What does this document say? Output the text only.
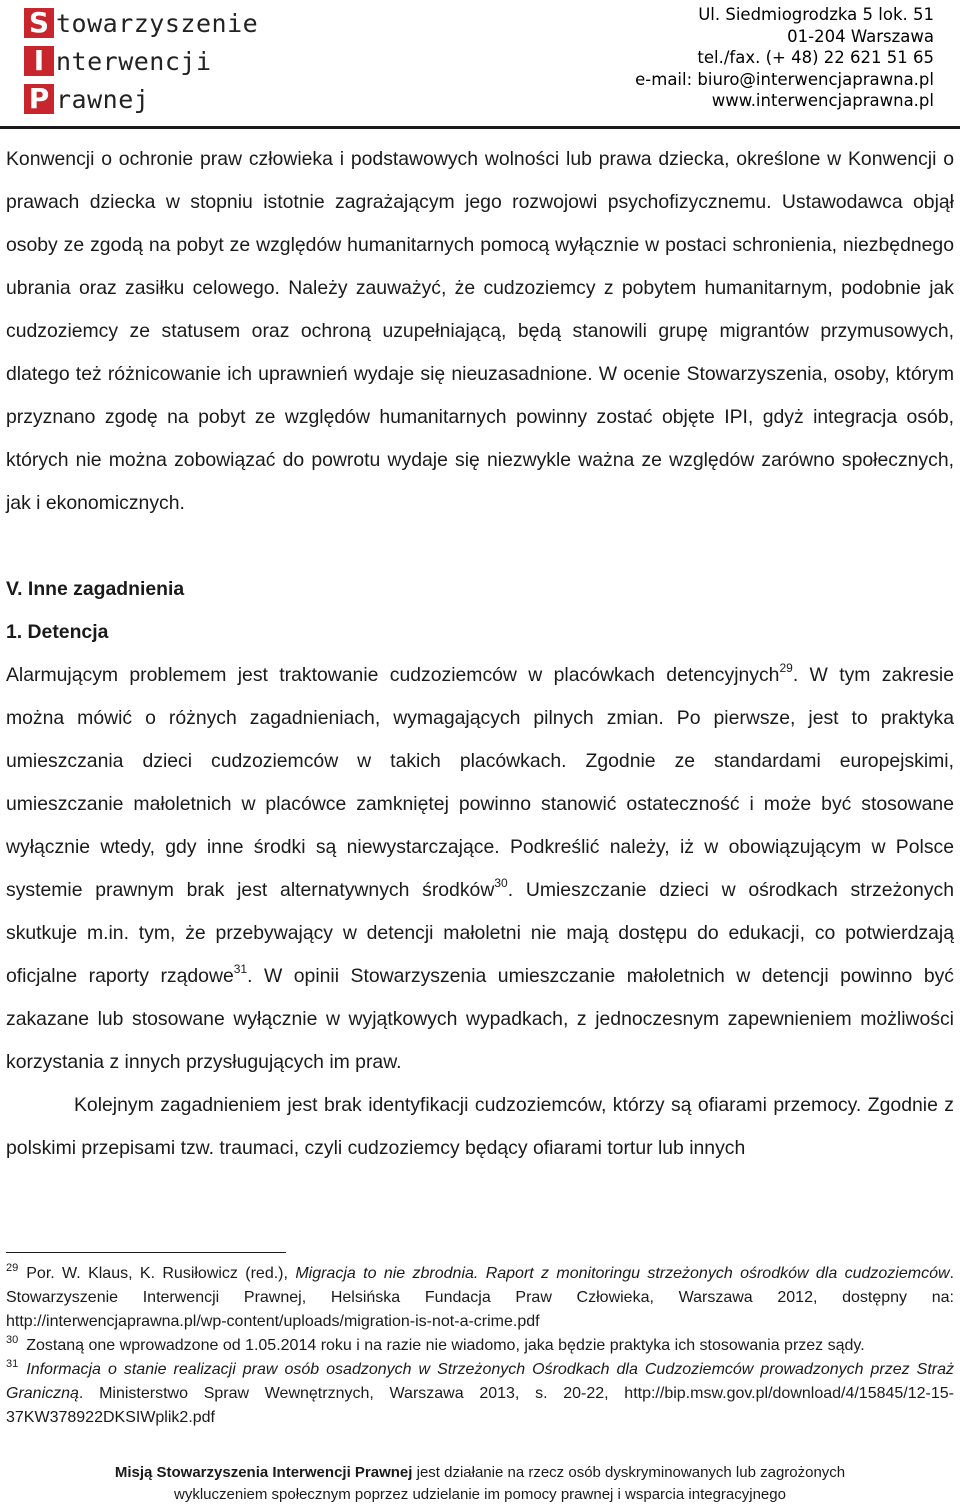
S towarzyszenie
I nterwencji
P rawnej
Ul. Siedmiogrodzka 5 lok. 51
01-204 Warszawa
tel./fax. (+ 48) 22 621 51 65
e-mail: biuro@interwencjaprawna.pl
www.interwencjaprawna.pl

Konwencji o ochronie praw człowieka i podstawowych wolności lub prawa dziecka, określone w Konwencji o prawach dziecka w stopniu istotnie zagrażającym jego rozwojowi psychofizycznemu. Ustawodawca objął osoby ze zgodą na pobyt ze względów humanitarnych pomocą wyłącznie w postaci schronienia, niezbędnego ubrania oraz zasiłku celowego. Należy zauważyć, że cudzoziemcy z pobytem humanitarnym, podobnie jak cudzoziemcy ze statusem oraz ochroną uzupełniającą, będą stanowili grupę migrantów przymusowych, dlatego też różnicowanie ich uprawnień wydaje się nieuzasadnione. W ocenie Stowarzyszenia, osoby, którym przyznano zgodę na pobyt ze względów humanitarnych powinny zostać objęte IPI, gdyż integracja osób, których nie można zobowiązać do powrotu wydaje się niezwykle ważna ze względów zarówno społecznych, jak i ekonomicznych.

V. Inne zagadnienia

1. Detencja

Alarmującym problemem jest traktowanie cudzoziemców w placówkach detencyjnych$^{29}$. W tym zakresie można mówić o różnych zagadnieniach, wymagających pilnych zmian. Po pierwsze, jest to praktyka umieszczania dzieci cudzoziemców w takich placówkach. Zgodnie ze standardami europejskimi, umieszczanie małoletnich w placówce zamkniętej powinno stanowić ostateczność i może być stosowane wyłącznie wtedy, gdy inne środki są niewystarczające. Podkreślić należy, iż w obowiązującym w Polsce systemie prawnym brak jest alternatywnych środków$^{30}$. Umieszczanie dzieci w ośrodkach strzeżonych skutkuje m.in. tym, że przebywający w detencji małoletni nie mają dostępu do edukacji, co potwierdzają oficjalne raporty rządowe$^{31}$. W opinii Stowarzyszenia umieszczanie małoletnich w detencji powinno być zakazane lub stosowane wyłącznie w wyjątkowych wypadkach, z jednoczesnym zapewnieniem możliwości korzystania z innych przysługujących im praw.

Kolejnym zagadnieniem jest brak identyfikacji cudzoziemców, którzy są ofiarami przemocy. Zgodnie z polskimi przepisami tzw. traumaci, czyli cudzoziemcy będący ofiarami tortur lub innych

$^{29}$ Por. W. Klaus, K. Rusiłowicz (red.), Migracja to nie zbrodnia. Raport z monitoringu strzeżonych ośrodków dla cudzoziemców. Stowarzyszenie Interwencji Prawnej, Helsińska Fundacja Praw Człowieka, Warszawa 2012, dostępny na: http://interwencjaprawna.pl/wp-content/uploads/migration-is-not-a-crime.pdf

$^{30}$ Zostaną one wprowadzone od 1.05.2014 roku i na razie nie wiadomo, jaka będzie praktyka ich stosowania przez sądy.

$^{31}$ Informacja o stanie realizacji praw osób osadzonych w Strzeżonych Ośrodkach dla Cudzoziemców prowadzonych przez Straż Graniczną. Ministerstwo Spraw Wewnętrznych, Warszawa 2013, s. 20-22, http://bip.msw.gov.pl/download/4/15845/12-15-37KW378922DKSIWplik2.pdf

Misją Stowarzyszenia Interwencji Prawnej jest działanie na rzecz osób dyskryminowanych lub zagrożonych
wykluczeniem społecznym poprzez udzielanie im pomocy prawnej i wsparcia integracyjnego
